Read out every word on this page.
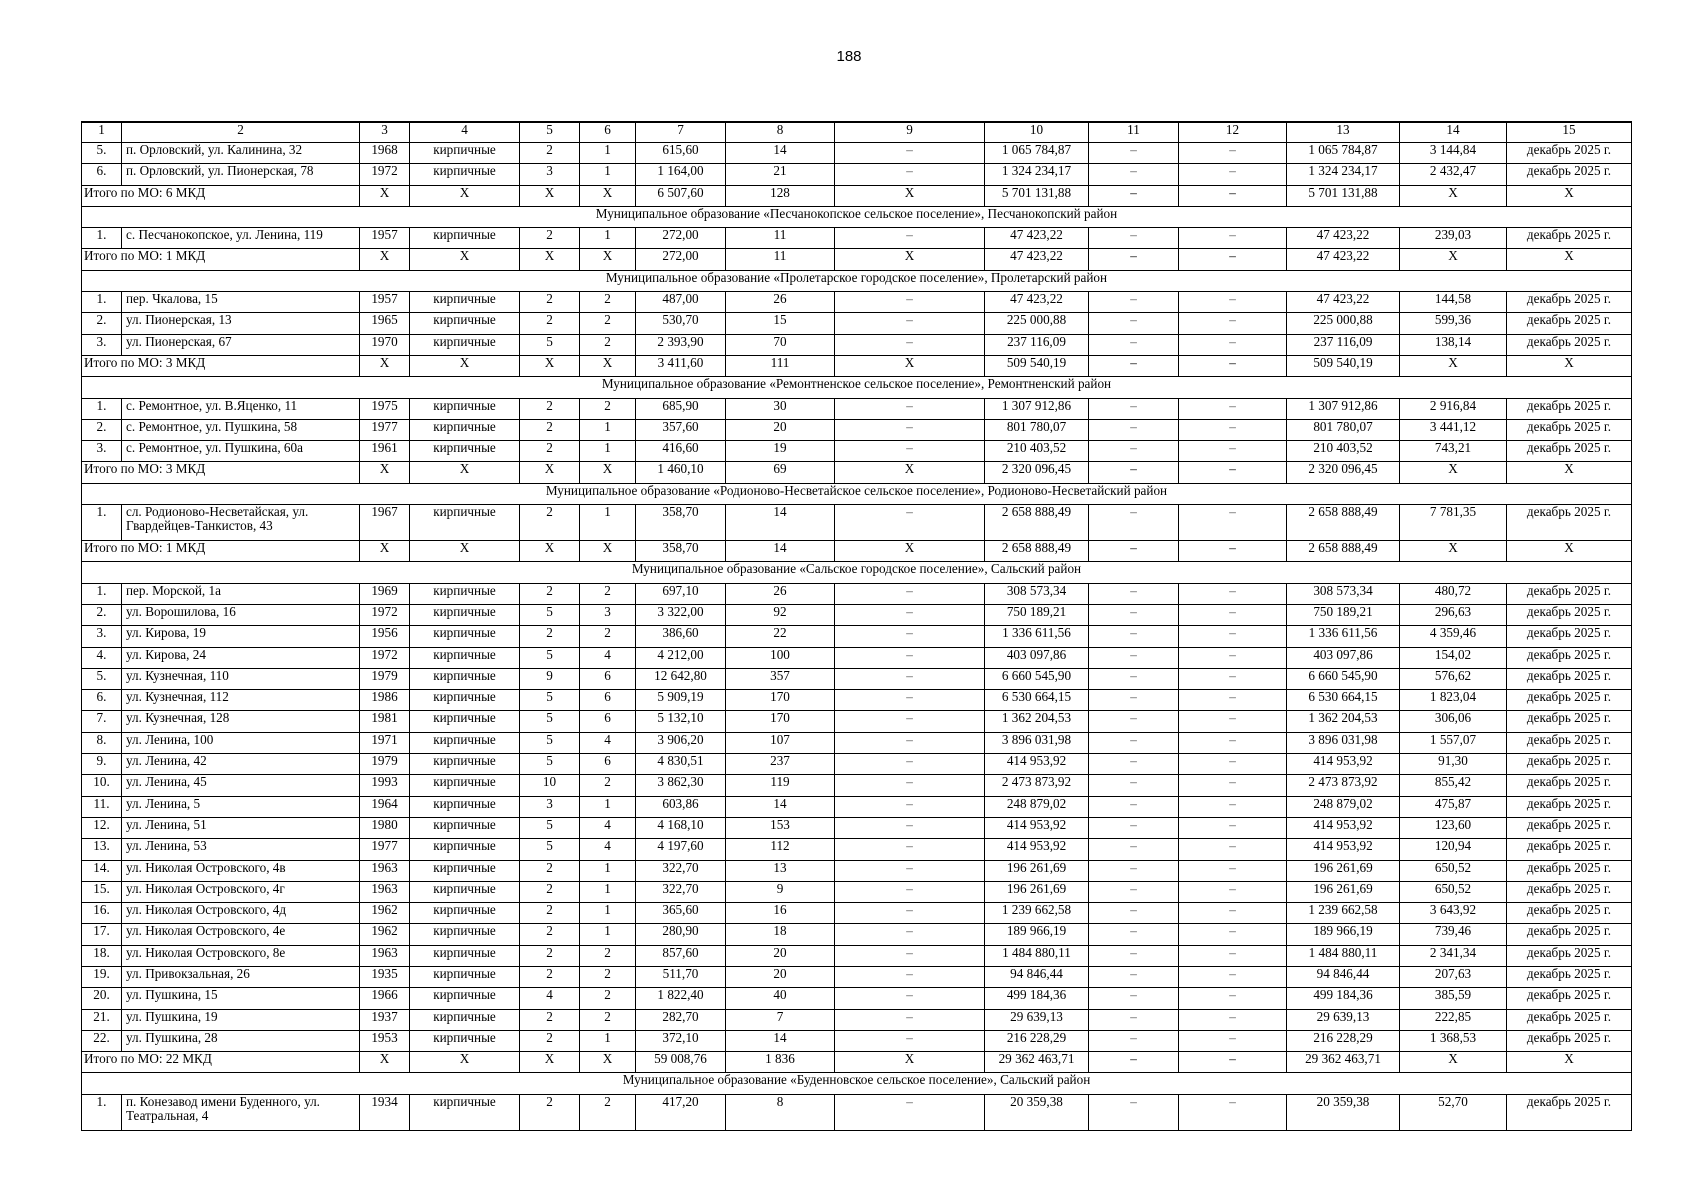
188
1	2	3	4	5	6	7	8	9	10	11	12	13	14	15
5.	п. Орловский, ул. Калинина, 32	1968	кирпичные	2	1	615,60	14	–	1 065 784,87	–	–	1 065 784,87	3 144,84	декабрь 2025 г.
6.	п. Орловский, ул. Пионерская, 78	1972	кирпичные	3	1	1 164,00	21	–	1 324 234,17	–	–	1 324 234,17	2 432,47	декабрь 2025 г.
Итого по МО: 6 МКД		X	X	X	X	6 507,60	128	X	5 701 131,88	–	–	5 701 131,88	X	X
Муниципальное образование «Песчанокопское сельское поселение», Песчанокопский район														
1.	с. Песчанокопское, ул. Ленина, 119	1957	кирпичные	2	1	272,00	11	–	47 423,22	–	–	47 423,22	239,03	декабрь 2025 г.
Итого по МО: 1 МКД		X	X	X	X	272,00	11	X	47 423,22	–	–	47 423,22	X	X
Муниципальное образование «Пролетарское городское поселение», Пролетарский район														
1.	пер. Чкалова, 15	1957	кирпичные	2	2	487,00	26	–	47 423,22	–	–	47 423,22	144,58	декабрь 2025 г.
2.	ул. Пионерская, 13	1965	кирпичные	2	2	530,70	15	–	225 000,88	–	–	225 000,88	599,36	декабрь 2025 г.
3.	ул. Пионерская, 67	1970	кирпичные	5	2	2 393,90	70	–	237 116,09	–	–	237 116,09	138,14	декабрь 2025 г.
Итого по МО: 3 МКД		X	X	X	X	3 411,60	111	X	509 540,19	–	–	509 540,19	X	X
Муниципальное образование «Ремонтненское сельское поселение», Ремонтненский район														
1.	с. Ремонтное, ул. В.Яценко, 11	1975	кирпичные	2	2	685,90	30	–	1 307 912,86	–	–	1 307 912,86	2 916,84	декабрь 2025 г.
2.	с. Ремонтное, ул. Пушкина, 58	1977	кирпичные	2	1	357,60	20	–	801 780,07	–	–	801 780,07	3 441,12	декабрь 2025 г.
3.	с. Ремонтное, ул. Пушкина, 60а	1961	кирпичные	2	1	416,60	19	–	210 403,52	–	–	210 403,52	743,21	декабрь 2025 г.
Итого по МО: 3 МКД		X	X	X	X	1 460,10	69	X	2 320 096,45	–	–	2 320 096,45	X	X
Муниципальное образование «Родионово-Несветайское сельское поселение», Родионово-Несветайский район														
1.	сл. Родионово-Несветайская, ул. Гвардейцев-Танкистов, 43	1967	кирпичные	2	1	358,70	14	–	2 658 888,49	–	–	2 658 888,49	7 781,35	декабрь 2025 г.
Итого по МО: 1 МКД		X	X	X	X	358,70	14	X	2 658 888,49	–	–	2 658 888,49	X	X
Муниципальное образование «Сальское городское поселение», Сальский район														
1.	пер. Морской, 1а	1969	кирпичные	2	2	697,10	26	–	308 573,34	–	–	308 573,34	480,72	декабрь 2025 г.
2.	ул. Ворошилова, 16	1972	кирпичные	5	3	3 322,00	92	–	750 189,21	–	–	750 189,21	296,63	декабрь 2025 г.
3.	ул. Кирова, 19	1956	кирпичные	2	2	386,60	22	–	1 336 611,56	–	–	1 336 611,56	4 359,46	декабрь 2025 г.
4.	ул. Кирова, 24	1972	кирпичные	5	4	4 212,00	100	–	403 097,86	–	–	403 097,86	154,02	декабрь 2025 г.
5.	ул. Кузнечная, 110	1979	кирпичные	9	6	12 642,80	357	–	6 660 545,90	–	–	6 660 545,90	576,62	декабрь 2025 г.
6.	ул. Кузнечная, 112	1986	кирпичные	5	6	5 909,19	170	–	6 530 664,15	–	–	6 530 664,15	1 823,04	декабрь 2025 г.
7.	ул. Кузнечная, 128	1981	кирпичные	5	6	5 132,10	170	–	1 362 204,53	–	–	1 362 204,53	306,06	декабрь 2025 г.
8.	ул. Ленина, 100	1971	кирпичные	5	4	3 906,20	107	–	3 896 031,98	–	–	3 896 031,98	1 557,07	декабрь 2025 г.
9.	ул. Ленина, 42	1979	кирпичные	5	6	4 830,51	237	–	414 953,92	–	–	414 953,92	91,30	декабрь 2025 г.
10.	ул. Ленина, 45	1993	кирпичные	10	2	3 862,30	119	–	2 473 873,92	–	–	2 473 873,92	855,42	декабрь 2025 г.
11.	ул. Ленина, 5	1964	кирпичные	3	1	603,86	14	–	248 879,02	–	–	248 879,02	475,87	декабрь 2025 г.
12.	ул. Ленина, 51	1980	кирпичные	5	4	4 168,10	153	–	414 953,92	–	–	414 953,92	123,60	декабрь 2025 г.
13.	ул. Ленина, 53	1977	кирпичные	5	4	4 197,60	112	–	414 953,92	–	–	414 953,92	120,94	декабрь 2025 г.
14.	ул. Николая Островского, 4в	1963	кирпичные	2	1	322,70	13	–	196 261,69	–	–	196 261,69	650,52	декабрь 2025 г.
15.	ул. Николая Островского, 4г	1963	кирпичные	2	1	322,70	9	–	196 261,69	–	–	196 261,69	650,52	декабрь 2025 г.
16.	ул. Николая Островского, 4д	1962	кирпичные	2	1	365,60	16	–	1 239 662,58	–	–	1 239 662,58	3 643,92	декабрь 2025 г.
17.	ул. Николая Островского, 4е	1962	кирпичные	2	1	280,90	18	–	189 966,19	–	–	189 966,19	739,46	декабрь 2025 г.
18.	ул. Николая Островского, 8е	1963	кирпичные	2	2	857,60	20	–	1 484 880,11	–	–	1 484 880,11	2 341,34	декабрь 2025 г.
19.	ул. Привокзальная, 26	1935	кирпичные	2	2	511,70	20	–	94 846,44	–	–	94 846,44	207,63	декабрь 2025 г.
20.	ул. Пушкина, 15	1966	кирпичные	4	2	1 822,40	40	–	499 184,36	–	–	499 184,36	385,59	декабрь 2025 г.
21.	ул. Пушкина, 19	1937	кирпичные	2	2	282,70	7	–	29 639,13	–	–	29 639,13	222,85	декабрь 2025 г.
22.	ул. Пушкина, 28	1953	кирпичные	2	1	372,10	14	–	216 228,29	–	–	216 228,29	1 368,53	декабрь 2025 г.
Итого по МО: 22 МКД		X	X	X	X	59 008,76	1 836	X	29 362 463,71	–	–	29 362 463,71	X	X
Муниципальное образование «Буденновское сельское поселение», Сальский район														
1.	п. Конезавод имени Буденного, ул. Театральная, 4	1934	кирпичные	2	2	417,20	8	–	20 359,38	–	–	20 359,38	52,70	декабрь 2025 г.
